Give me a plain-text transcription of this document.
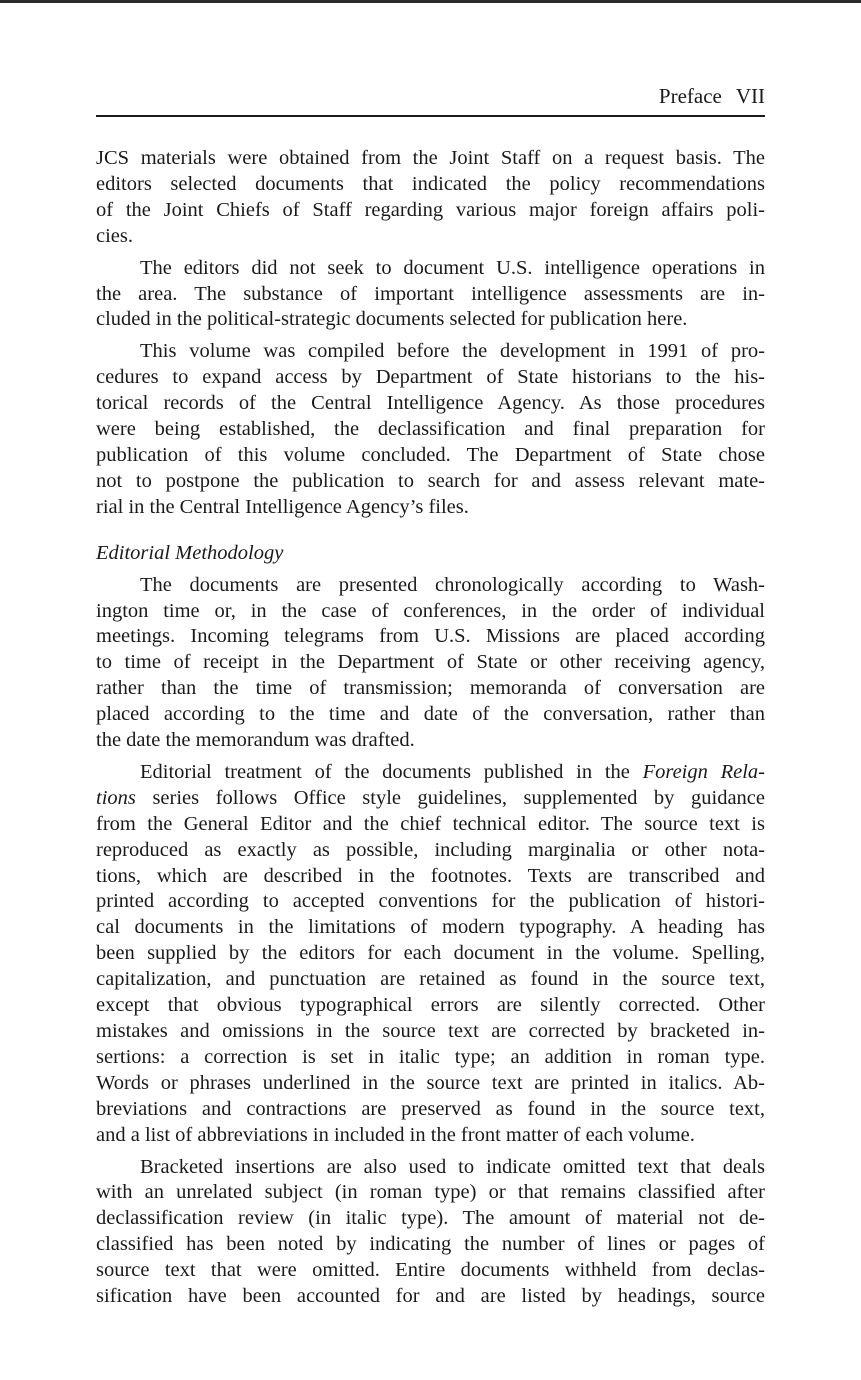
Preface VII

JCS materials were obtained from the Joint Staff on a request basis. The
editors selected documents that indicated the policy recommendations
of the Joint Chiefs of Staff regarding various major foreign affairs poli-
cies.

The editors did not seek to document U.S. intelligence operations in
the area. The substance of important intelligence assessments are in-
cluded in the political-strategic documents selected for publication here.

This volume was compiled before the development in 1991 of pro-
cedures to expand access by Department of State historians to the his-
torical records of the Central Intelligence Agency. As those procedures
were being established, the declassification and final preparation for
publication of this volume concluded. The Department of State chose
not to postpone the publication to search for and assess relevant mate-
rial in the Central Intelligence Agency’s files.

Editorial Methodology

The documents are presented chronologically according to Wash-
ington time or, in the case of conferences, in the order of individual
meetings. Incoming telegrams from U.S. Missions are placed according
to time of receipt in the Department of State or other receiving agency,
rather than the time of transmission; memoranda of conversation are
placed according to the time and date of the conversation, rather than
the date the memorandum was drafted.

Editorial treatment of the documents published in the Foreign Rela-
tions series follows Office style guidelines, supplemented by guidance
from the General Editor and the chief technical editor. The source text is
reproduced as exactly as possible, including marginalia or other nota-
tions, which are described in the footnotes. Texts are transcribed and
printed according to accepted conventions for the publication of histori-
cal documents in the limitations of modern typography. A heading has
been supplied by the editors for each document in the volume. Spelling,
capitalization, and punctuation are retained as found in the source text,
except that obvious typographical errors are silently corrected. Other
mistakes and omissions in the source text are corrected by bracketed in-
sertions: a correction is set in italic type; an addition in roman type.
Words or phrases underlined in the source text are printed in italics. Ab-
breviations and contractions are preserved as found in the source text,
and a list of abbreviations in included in the front matter of each volume.

Bracketed insertions are also used to indicate omitted text that deals
with an unrelated subject (in roman type) or that remains classified after
declassification review (in italic type). The amount of material not de-
classified has been noted by indicating the number of lines or pages of
source text that were omitted. Entire documents withheld from declas-
sification have been accounted for and are listed by headings, source
